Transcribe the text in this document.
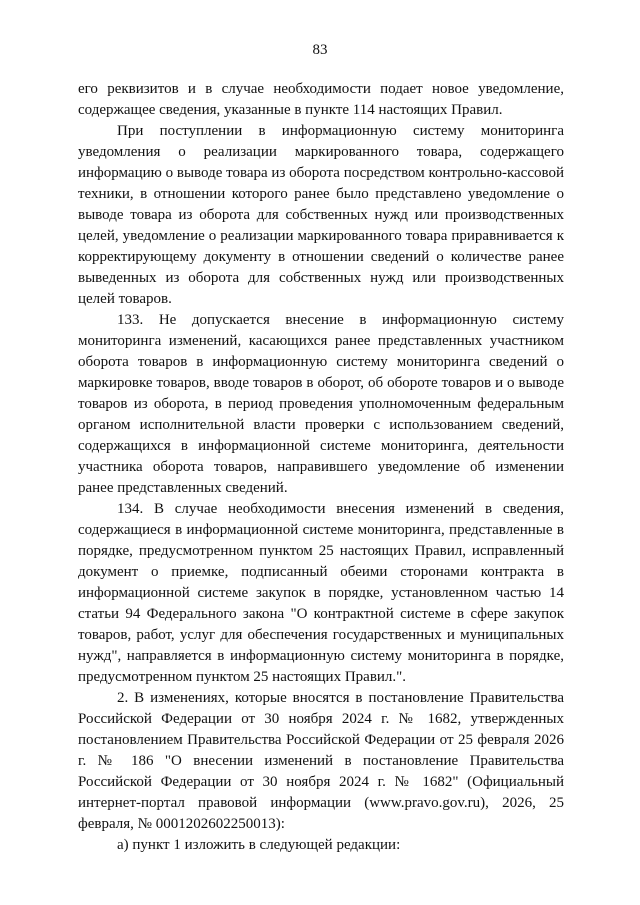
83

его реквизитов и в случае необходимости подает новое уведомление, содержащее сведения, указанные в пункте 114 настоящих Правил.

При поступлении в информационную систему мониторинга уведомления о реализации маркированного товара, содержащего информацию о выводе товара из оборота посредством контрольно-кассовой техники, в отношении которого ранее было представлено уведомление о выводе товара из оборота для собственных нужд или производственных целей, уведомление о реализации маркированного товара приравнивается к корректирующему документу в отношении сведений о количестве ранее выведенных из оборота для собственных нужд или производственных целей товаров.

133. Не допускается внесение в информационную систему мониторинга изменений, касающихся ранее представленных участником оборота товаров в информационную систему мониторинга сведений о маркировке товаров, вводе товаров в оборот, об обороте товаров и о выводе товаров из оборота, в период проведения уполномоченным федеральным органом исполнительной власти проверки с использованием сведений, содержащихся в информационной системе мониторинга, деятельности участника оборота товаров, направившего уведомление об изменении ранее представленных сведений.

134. В случае необходимости внесения изменений в сведения, содержащиеся в информационной системе мониторинга, представленные в порядке, предусмотренном пунктом 25 настоящих Правил, исправленный документ о приемке, подписанный обеими сторонами контракта в информационной системе закупок в порядке, установленном частью 14 статьи 94 Федерального закона "О контрактной системе в сфере закупок товаров, работ, услуг для обеспечения государственных и муниципальных нужд", направляется в информационную систему мониторинга в порядке, предусмотренном пунктом 25 настоящих Правил.".

2. В изменениях, которые вносятся в постановление Правительства Российской Федерации от 30 ноября 2024 г. № 1682, утвержденных постановлением Правительства Российской Федерации от 25 февраля 2026 г. № 186 "О внесении изменений в постановление Правительства Российской Федерации от 30 ноября 2024 г. № 1682" (Официальный интернет-портал правовой информации (www.pravo.gov.ru), 2026, 25 февраля, № 0001202602250013):

а) пункт 1 изложить в следующей редакции:
